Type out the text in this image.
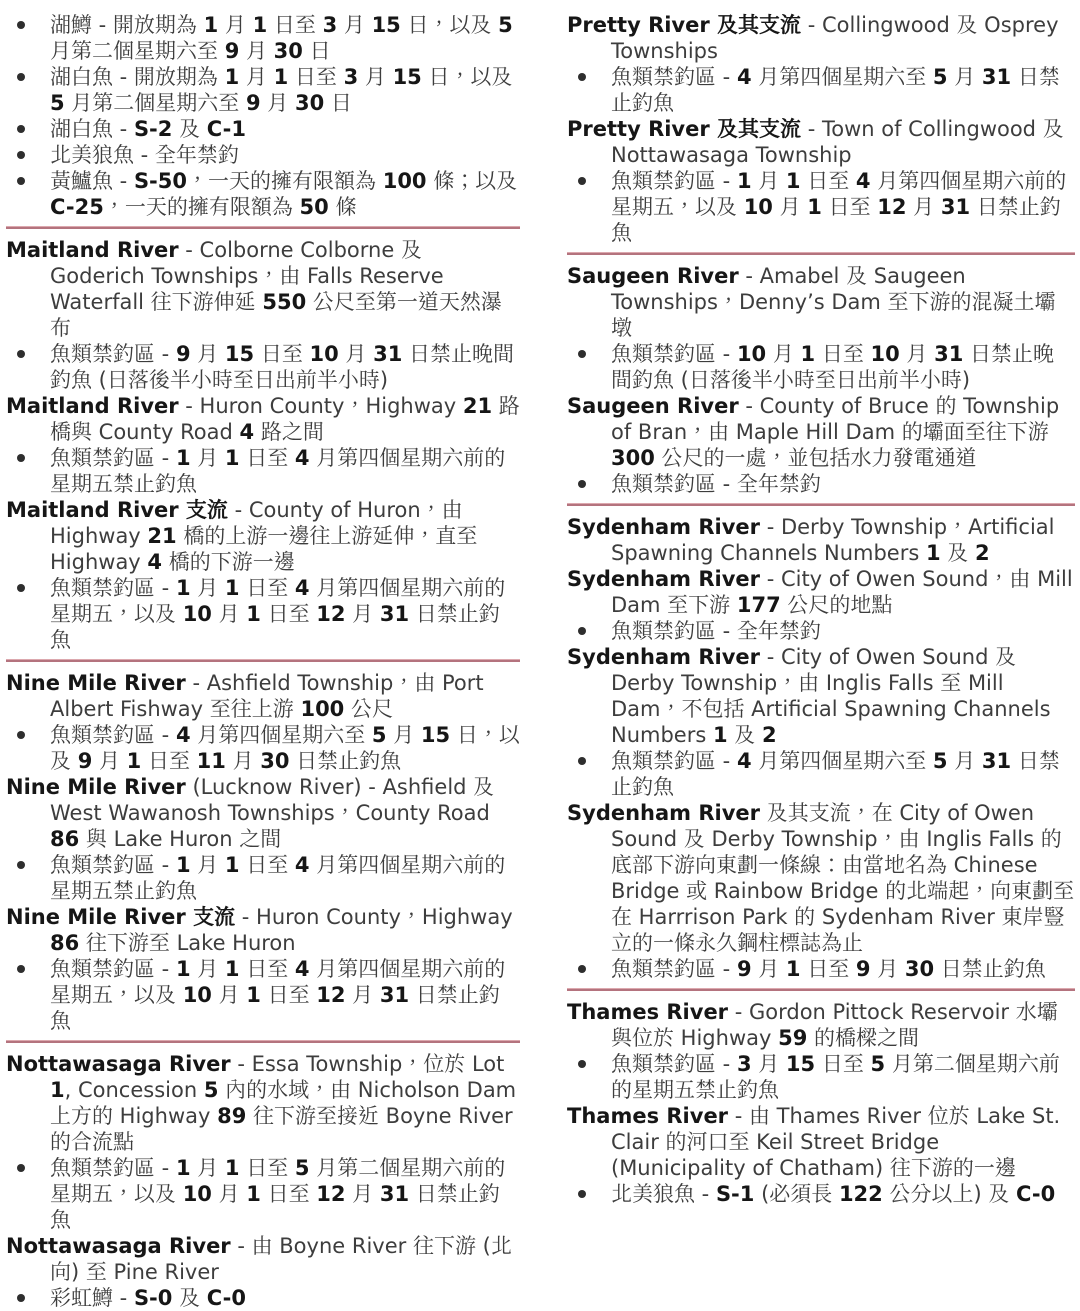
湖鱒 - 開放期為 1 月 1 日至 3 月 15 日，以及 5 月第二個星期六至 9 月 30 日
湖白魚 - 開放期為 1 月 1 日至 3 月 15 日，以及 5 月第二個星期六至 9 月 30 日
湖白魚 - S-2 及 C-1
北美狼魚 - 全年禁釣
黃鱸魚 - S-50，一天的擁有限額為 100 條；以及 C-25，一天的擁有限額為 50 條
Maitland River - Colborne Colborne 及 Goderich Townships，由 Falls Reserve Waterfall 往下游伸延 550 公尺至第一道天然瀑布
魚類禁釣區 - 9 月 15 日至 10 月 31 日禁止晚間釣魚 (日落後半小時至日出前半小時)
Maitland River - Huron County，Highway 21 路橋與 County Road 4 路之間
魚類禁釣區 - 1 月 1 日至 4 月第四個星期六前的星期五禁止釣魚
Maitland River 支流 - County of Huron，由 Highway 21 橋的上游一邊往上游延伸，直至 Highway 4 橋的下游一邊
魚類禁釣區 - 1 月 1 日至 4 月第四個星期六前的星期五，以及 10 月 1 日至 12 月 31 日禁止釣魚
Nine Mile River - Ashfield Township，由 Port Albert Fishway 至往上游 100 公尺
魚類禁釣區 - 4 月第四個星期六至 5 月 15 日，以及 9 月 1 日至 11 月 30 日禁止釣魚
Nine Mile River (Lucknow River) - Ashfield 及 West Wawanosh Townships，County Road 86 與 Lake Huron 之間
魚類禁釣區 - 1 月 1 日至 4 月第四個星期六前的星期五禁止釣魚
Nine Mile River 支流 - Huron County，Highway 86 往下游至 Lake Huron
魚類禁釣區 - 1 月 1 日至 4 月第四個星期六前的星期五，以及 10 月 1 日至 12 月 31 日禁止釣魚
Nottawasaga River - Essa Township，位於 Lot 1, Concession 5 內的水域，由 Nicholson Dam 上方的 Highway 89 往下游至接近 Boyne River 的合流點
魚類禁釣區 - 1 月 1 日至 5 月第二個星期六前的星期五，以及 10 月 1 日至 12 月 31 日禁止釣魚
Nottawasaga River - 由 Boyne River 往下游 (北向) 至 Pine River
彩虹鱒 - S-0 及 C-0
Pretty River 及其支流 - Collingwood 及 Osprey Townships
魚類禁釣區 - 4 月第四個星期六至 5 月 31 日禁止釣魚
Pretty River 及其支流 - Town of Collingwood 及 Nottawasaga Township
魚類禁釣區 - 1 月 1 日至 4 月第四個星期六前的星期五，以及 10 月 1 日至 12 月 31 日禁止釣魚
Saugeen River - Amabel 及 Saugeen Townships，Denny’s Dam 至下游的混凝土壩墩
魚類禁釣區 - 10 月 1 日至 10 月 31 日禁止晚間釣魚 (日落後半小時至日出前半小時)
Saugeen River - County of Bruce 的 Township of Bran，由 Maple Hill Dam 的壩面至往下游 300 公尺的一處，並包括水力發電通道
魚類禁釣區 - 全年禁釣
Sydenham River - Derby Township，Artificial Spawning Channels Numbers 1 及 2
Sydenham River - City of Owen Sound，由 Mill Dam 至下游 177 公尺的地點
魚類禁釣區 - 全年禁釣
Sydenham River - City of Owen Sound 及 Derby Township，由 Inglis Falls 至 Mill Dam，不包括 Artificial Spawning Channels Numbers 1 及 2
魚類禁釣區 - 4 月第四個星期六至 5 月 31 日禁止釣魚
Sydenham River 及其支流，在 City of Owen Sound 及 Derby Township，由 Inglis Falls 的底部下游向東劃一條線：由當地名為 Chinese Bridge 或 Rainbow Bridge 的北端起，向東劃至在 Harrrison Park 的 Sydenham River 東岸豎立的一條永久鋼柱標誌為止
魚類禁釣區 - 9 月 1 日至 9 月 30 日禁止釣魚
Thames River - Gordon Pittock Reservoir 水壩與位於 Highway 59 的橋樑之間
魚類禁釣區 - 3 月 15 日至 5 月第二個星期六前的星期五禁止釣魚
Thames River - 由 Thames River 位於 Lake St. Clair 的河口至 Keil Street Bridge (Municipality of Chatham) 往下游的一邊
北美狼魚 - S-1 (必須長 122 公分以上) 及 C-0
